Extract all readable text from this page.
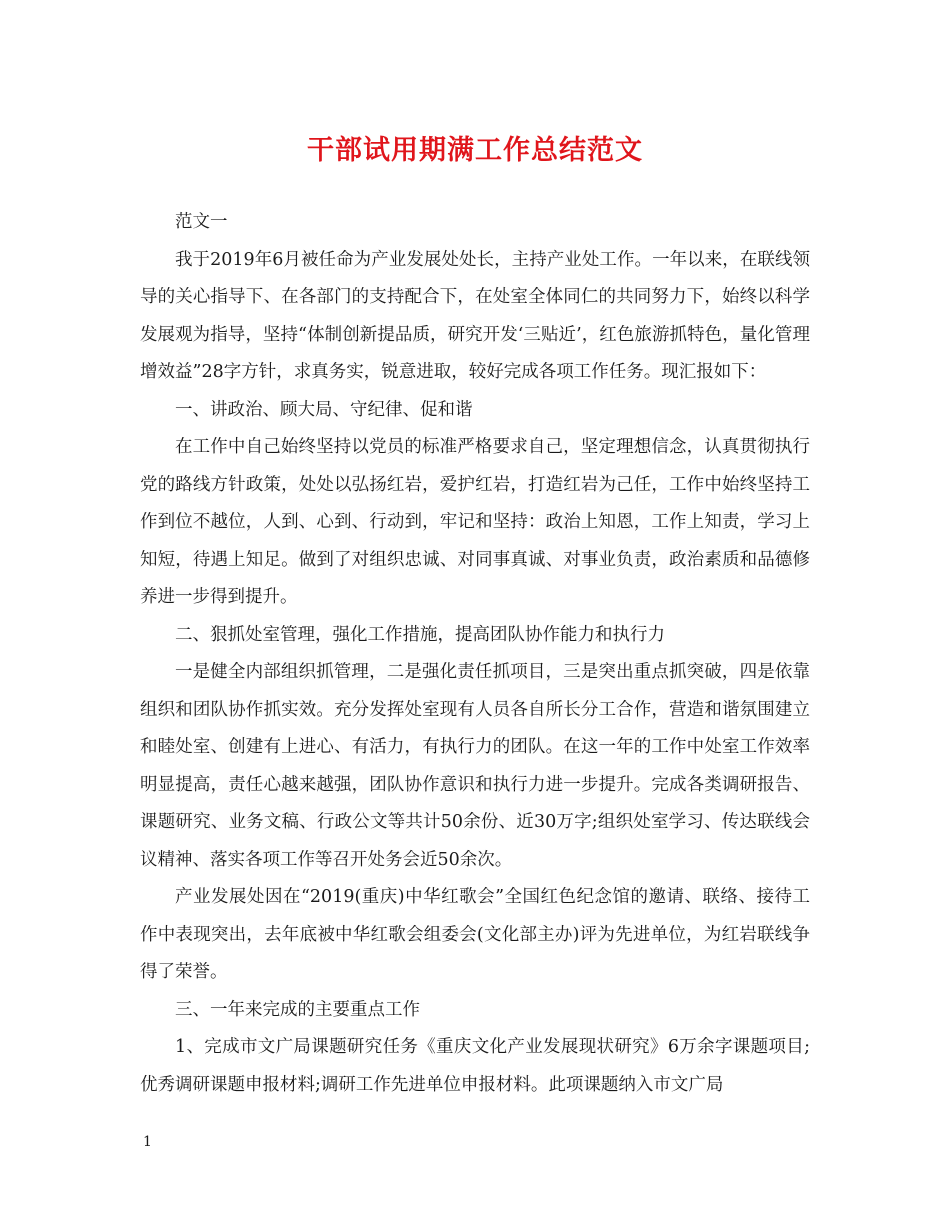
干部试用期满工作总结范文

范文一

我于2019年6月被任命为产业发展处处长，主持产业处工作。一年以来，在联线领导的关心指导下、在各部门的支持配合下，在处室全体同仁的共同努力下，始终以科学发展观为指导，坚持“体制创新提品质，研究开发‘三贴近’，红色旅游抓特色，量化管理增效益”28字方针，求真务实，锐意进取，较好完成各项工作任务。现汇报如下：

一、讲政治、顾大局、守纪律、促和谐

在工作中自己始终坚持以党员的标准严格要求自己，坚定理想信念，认真贯彻执行党的路线方针政策，处处以弘扬红岩，爱护红岩，打造红岩为己任，工作中始终坚持工作到位不越位，人到、心到、行动到，牢记和坚持：政治上知恩，工作上知责，学习上知短，待遇上知足。做到了对组织忠诚、对同事真诚、对事业负责，政治素质和品德修养进一步得到提升。

二、狠抓处室管理，强化工作措施，提高团队协作能力和执行力

一是健全内部组织抓管理，二是强化责任抓项目，三是突出重点抓突破，四是依靠组织和团队协作抓实效。充分发挥处室现有人员各自所长分工合作，营造和谐氛围建立和睦处室、创建有上进心、有活力，有执行力的团队。在这一年的工作中处室工作效率明显提高，责任心越来越强，团队协作意识和执行力进一步提升。完成各类调研报告、课题研究、业务文稿、行政公文等共计50余份、近30万字;组织处室学习、传达联线会议精神、落实各项工作等召开处务会近50余次。

产业发展处因在“2019(重庆)中华红歌会”全国红色纪念馆的邀请、联络、接待工作中表现突出，去年底被中华红歌会组委会(文化部主办)评为先进单位，为红岩联线争得了荣誉。

三、一年来完成的主要重点工作

1、完成市文广局课题研究任务《重庆文化产业发展现状研究》6万余字课题项目;优秀调研课题申报材料;调研工作先进单位申报材料。此项课题纳入市文广局

1
